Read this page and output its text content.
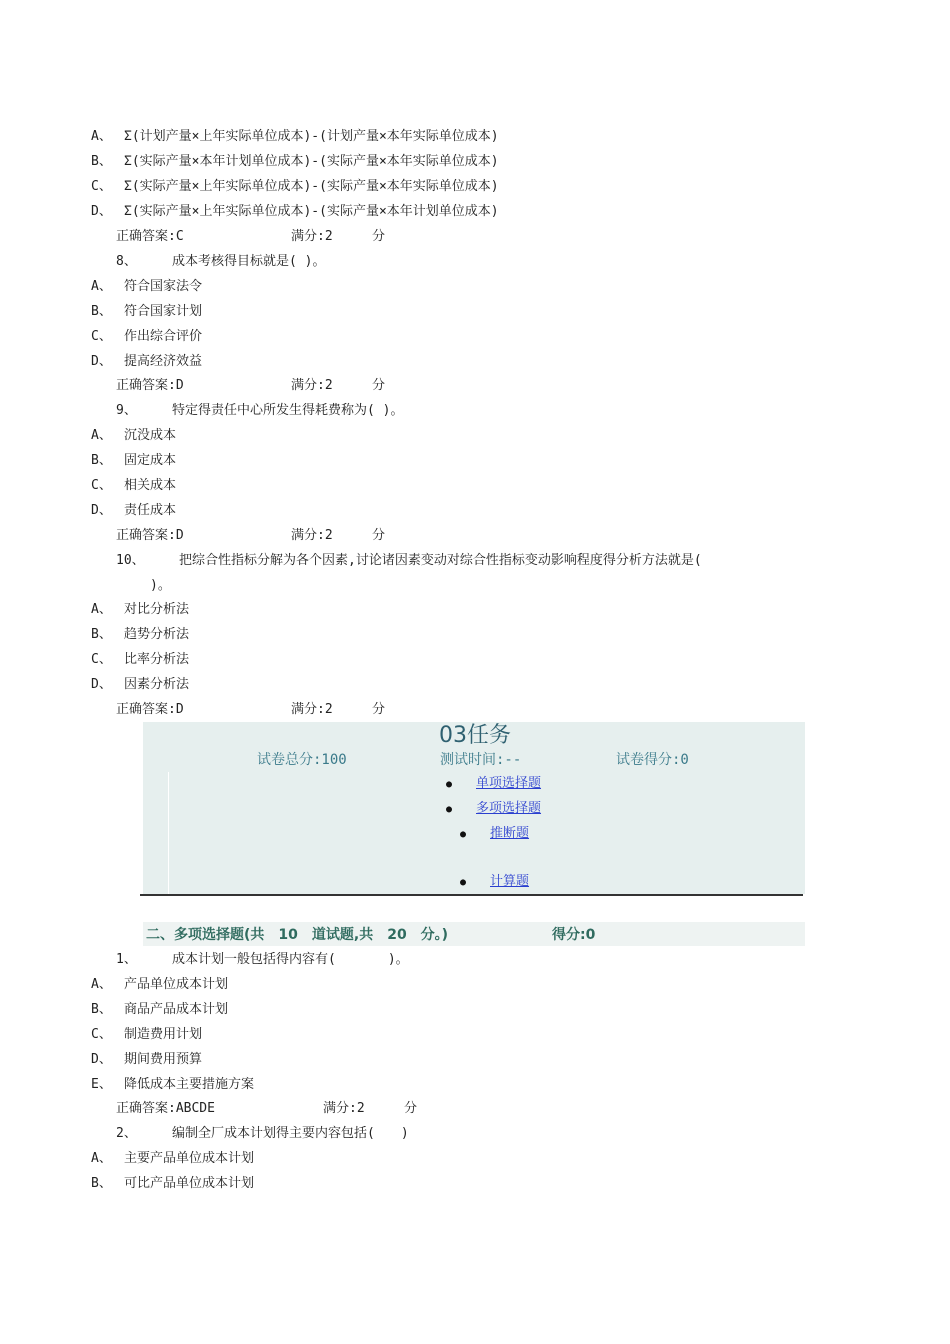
A、 Σ(计划产量×上年实际单位成本)-(计划产量×本年实际单位成本)
B、 Σ(实际产量×本年计划单位成本)-(实际产量×本年实际单位成本)
C、 Σ(实际产量×上年实际单位成本)-(实际产量×本年实际单位成本)
D、 Σ(实际产量×上年实际单位成本)-(实际产量×本年计划单位成本)
正确答案:C	满分:2	分
8、	成本考核得目标就是( )。
A、 符合国家法令
B、 符合国家计划
C、 作出综合评价
D、 提高经济效益
正确答案:D	满分:2	分
9、	特定得责任中心所发生得耗费称为( )。
A、 沉没成本
B、 固定成本
C、 相关成本
D、 责任成本
正确答案:D	满分:2	分
10、	把综合性指标分解为各个因素,讨论诸因素变动对综合性指标变动影响程度得分析方法就是(
)。
A、 对比分析法
B、 趋势分析法
C、 比率分析法
D、 因素分析法
正确答案:D	满分:2	分
03任务
试卷总分:100	测试时间:--	试卷得分:0
● 单项选择题
● 多项选择题
● 推断题
● 计算题
二、多项选择题(共　10　道试题,共　20　分。)	得分:0
1、	成本计划一般包括得内容有(　　　　)。
A、 产品单位成本计划
B、 商品产品成本计划
C、 制造费用计划
D、 期间费用预算
E、 降低成本主要措施方案
正确答案:ABCDE	满分:2	分
2、	编制全厂成本计划得主要内容包括(　　)
A、 主要产品单位成本计划
B、 可比产品单位成本计划
